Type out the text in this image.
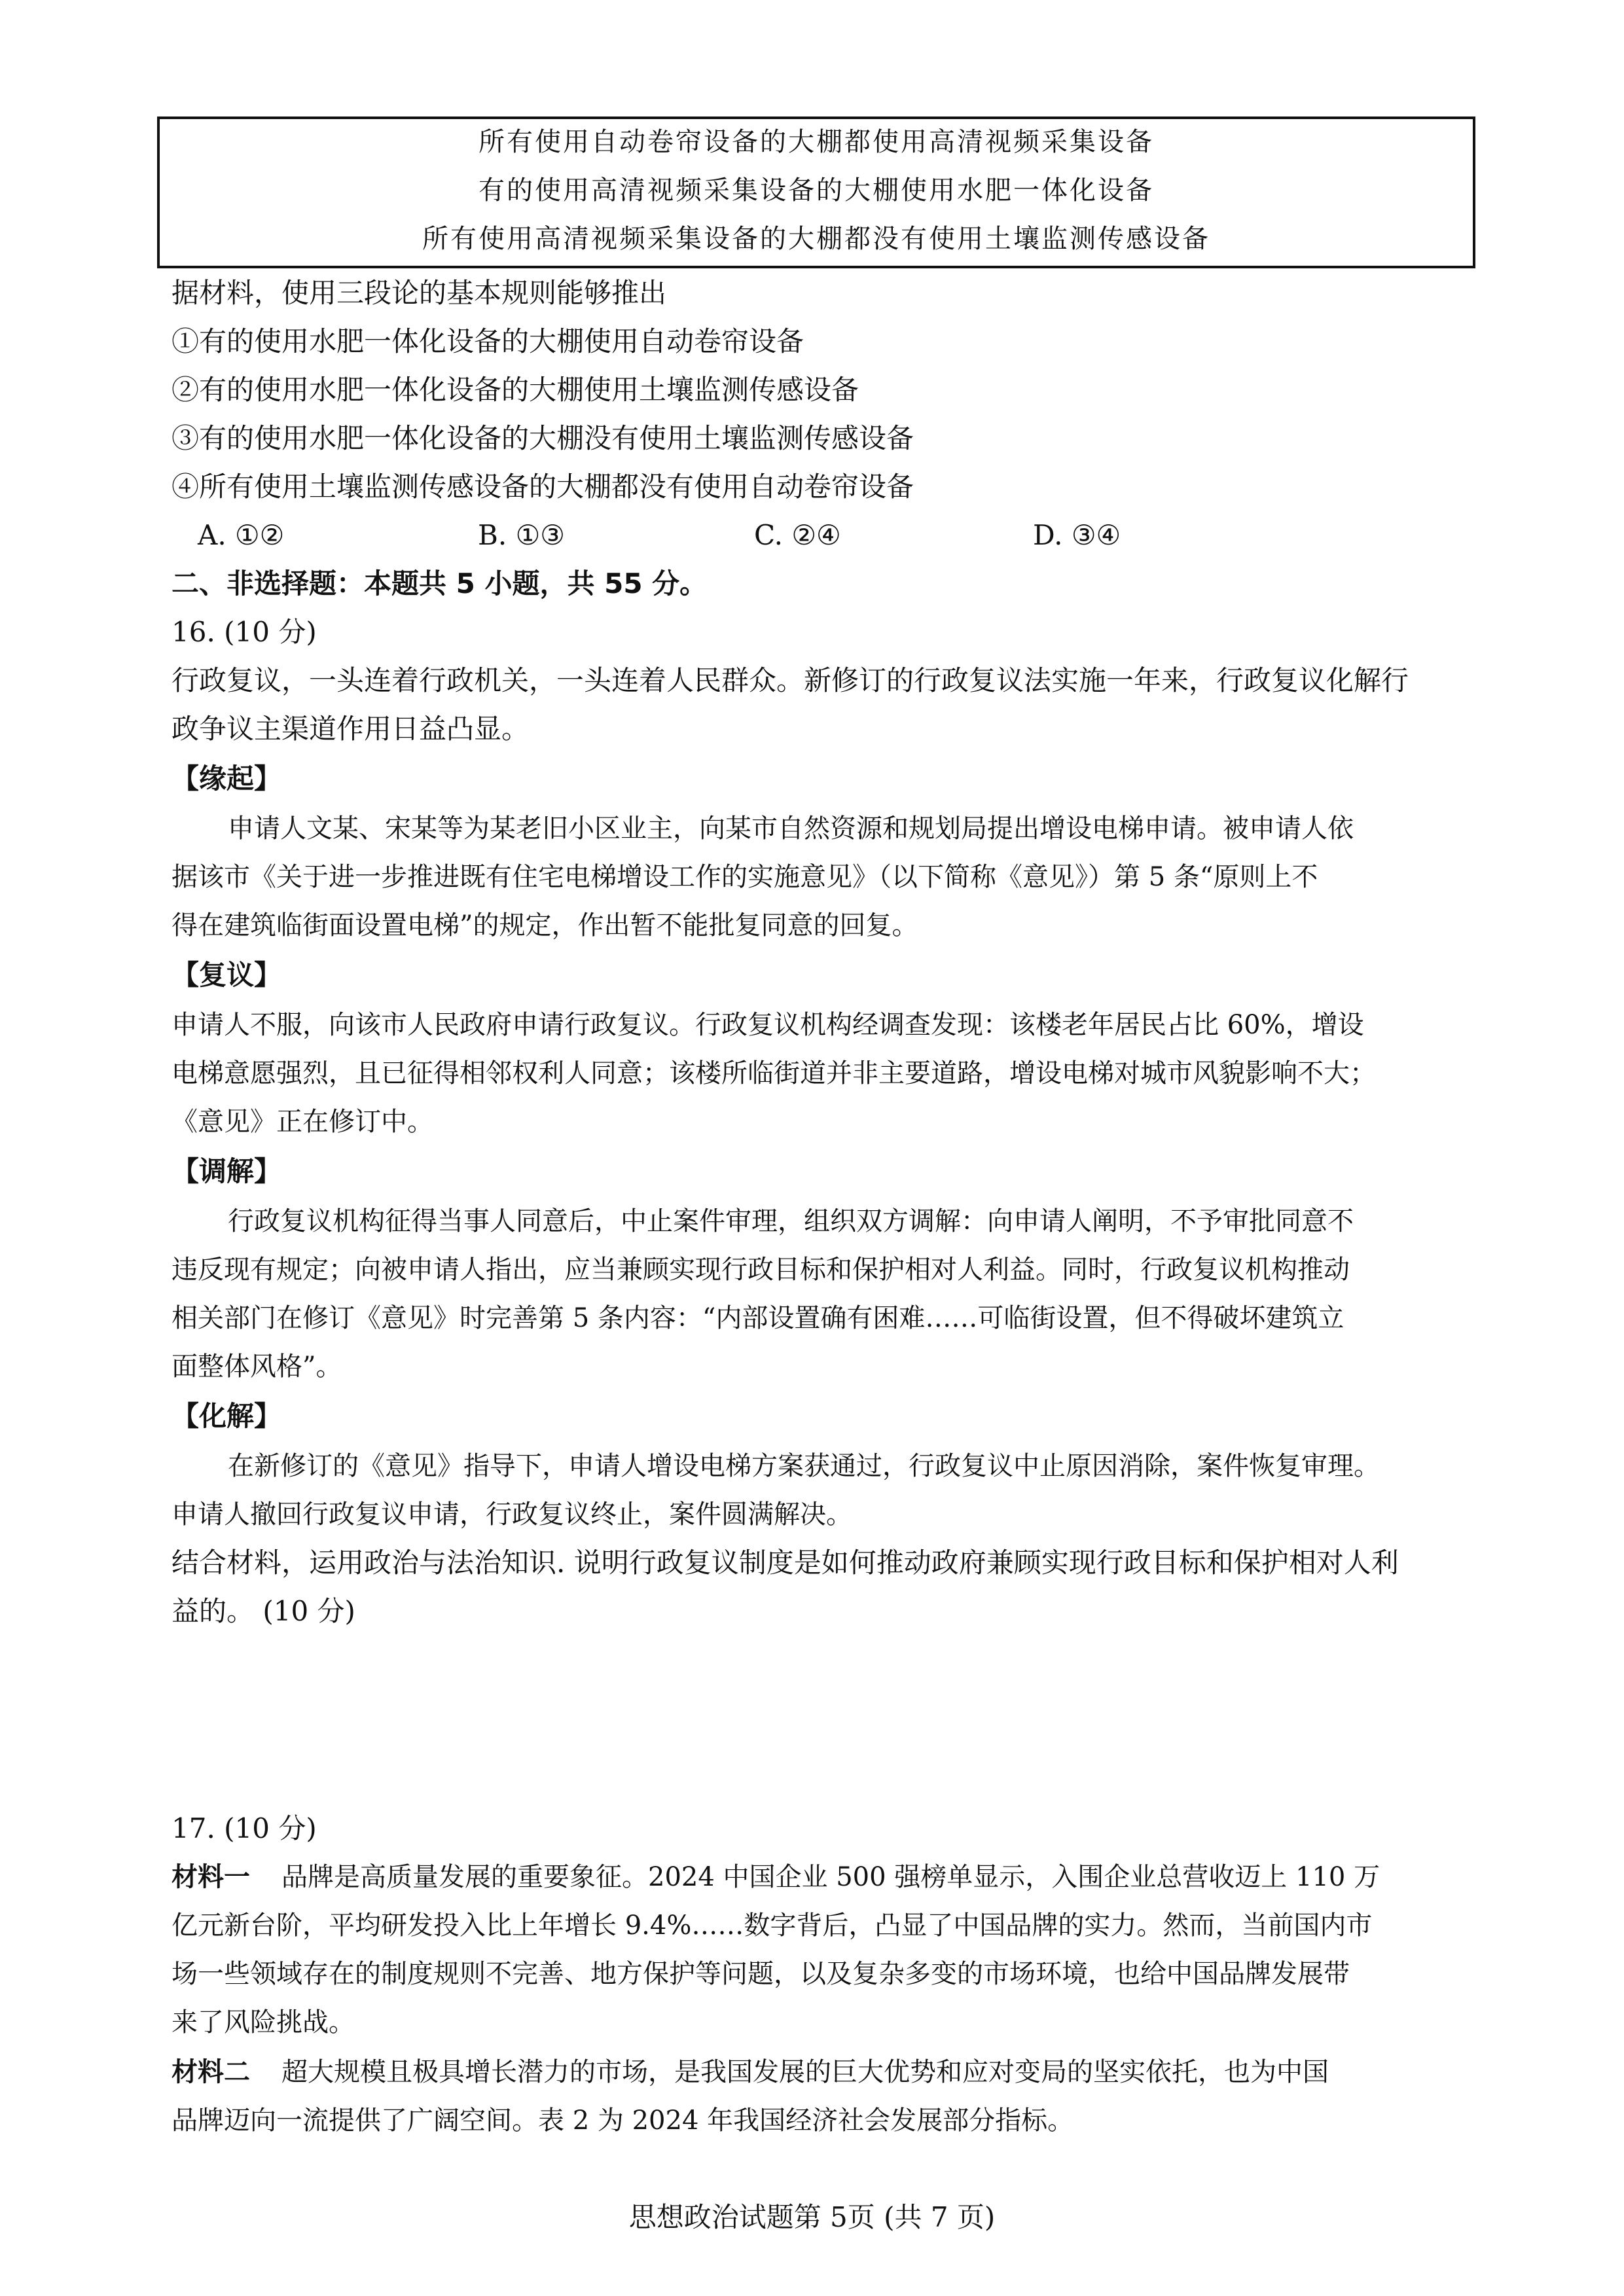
所有使用自动卷帘设备的大棚都使用高清视频采集设备
有的使用高清视频采集设备的大棚使用水肥一体化设备
所有使用高清视频采集设备的大棚都没有使用土壤监测传感设备
据材料，使用三段论的基本规则能够推出
①有的使用水肥一体化设备的大棚使用自动卷帘设备
②有的使用水肥一体化设备的大棚使用土壤监测传感设备
③有的使用水肥一体化设备的大棚没有使用土壤监测传感设备
④所有使用土壤监测传感设备的大棚都没有使用自动卷帘设备
A. ①②	B. ①③	C. ②④	D. ③④
二、非选择题：本题共 5 小题，共 55 分。
16. (10 分)
行政复议，一头连着行政机关，一头连着人民群众。新修订的行政复议法实施一年来，行政复议化解行
政争议主渠道作用日益凸显。
【缘起】
申请人文某、宋某等为某老旧小区业主，向某市自然资源和规划局提出增设电梯申请。被申请人依
据该市《关于进一步推进既有住宅电梯增设工作的实施意见》（以下简称《意见》）第 5 条“原则上不
得在建筑临街面设置电梯”的规定，作出暂不能批复同意的回复。
【复议】
申请人不服，向该市人民政府申请行政复议。行政复议机构经调查发现：该楼老年居民占比 60%，增设
电梯意愿强烈，且已征得相邻权利人同意；该楼所临街道并非主要道路，增设电梯对城市风貌影响不大；
《意见》正在修订中。
【调解】
行政复议机构征得当事人同意后，中止案件审理，组织双方调解：向申请人阐明，不予审批同意不
违反现有规定；向被申请人指出，应当兼顾实现行政目标和保护相对人利益。同时，行政复议机构推动
相关部门在修订《意见》时完善第 5 条内容：“内部设置确有困难……可临街设置，但不得破坏建筑立
面整体风格”。
【化解】
在新修订的《意见》指导下，申请人增设电梯方案获通过，行政复议中止原因消除，案件恢复审理。
申请人撤回行政复议申请，行政复议终止，案件圆满解决。
结合材料，运用政治与法治知识. 说明行政复议制度是如何推动政府兼顾实现行政目标和保护相对人利
益的。 (10 分)
17. (10 分)
材料一 品牌是高质量发展的重要象征。2024 中国企业 500 强榜单显示，入围企业总营收迈上 110 万
亿元新台阶，平均研发投入比上年增长 9.4%……数字背后，凸显了中国品牌的实力。然而，当前国内市
场一些领域存在的制度规则不完善、地方保护等问题，以及复杂多变的市场环境，也给中国品牌发展带
来了风险挑战。
材料二 超大规模且极具增长潜力的市场，是我国发展的巨大优势和应对变局的坚实依托，也为中国
品牌迈向一流提供了广阔空间。表 2 为 2024 年我国经济社会发展部分指标。
思想政治试题第 5页 (共 7 页)
